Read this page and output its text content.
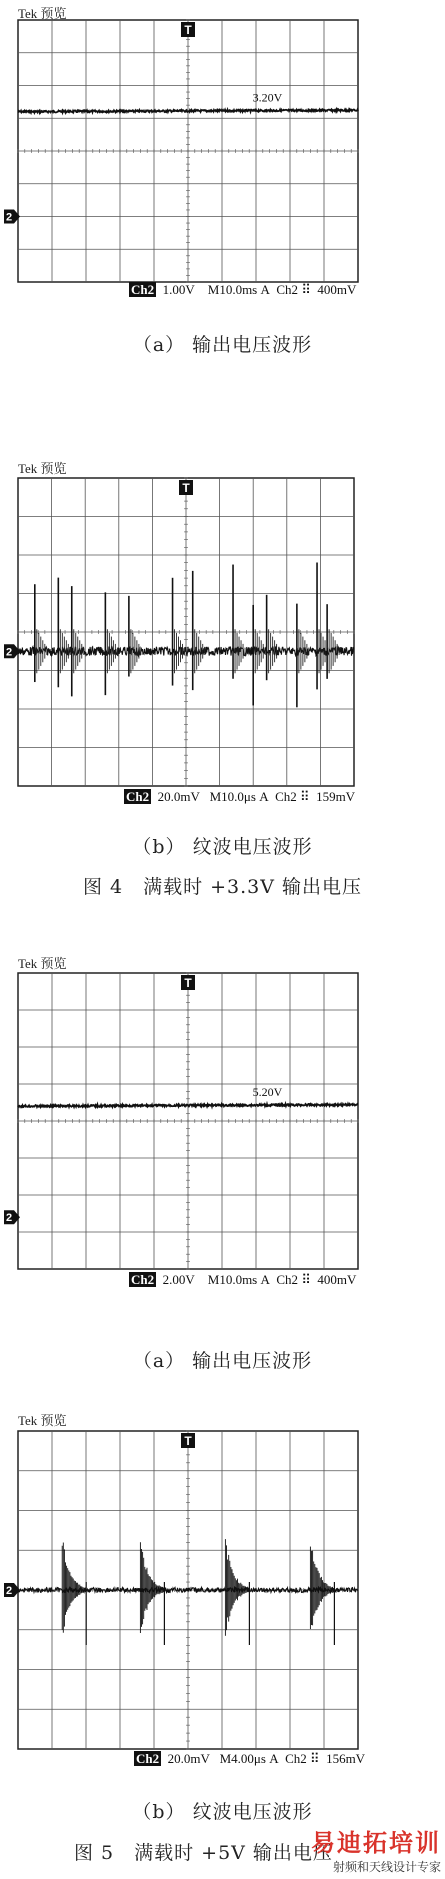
Tek 预览
T
2
3.20V
Ch2 1.00V M10.0ms A Ch2 ⠿ 400mV
（a） 输出电压波形
Tek 预览
T
2
Ch2 20.0mV M10.0μs A Ch2 ⠿ 159mV
（b） 纹波电压波形
图 4　满载时 +3.3V 输出电压
Tek 预览
T
2
5.20V
Ch2 2.00V M10.0ms A Ch2 ⠿ 400mV
（a） 输出电压波形
Tek 预览
T
2
Ch2 20.0mV M4.00μs A Ch2 ⠿ 156mV
（b） 纹波电压波形
图 5　满载时 +5V 输出电压
易迪拓培训
射频和天线设计专家
